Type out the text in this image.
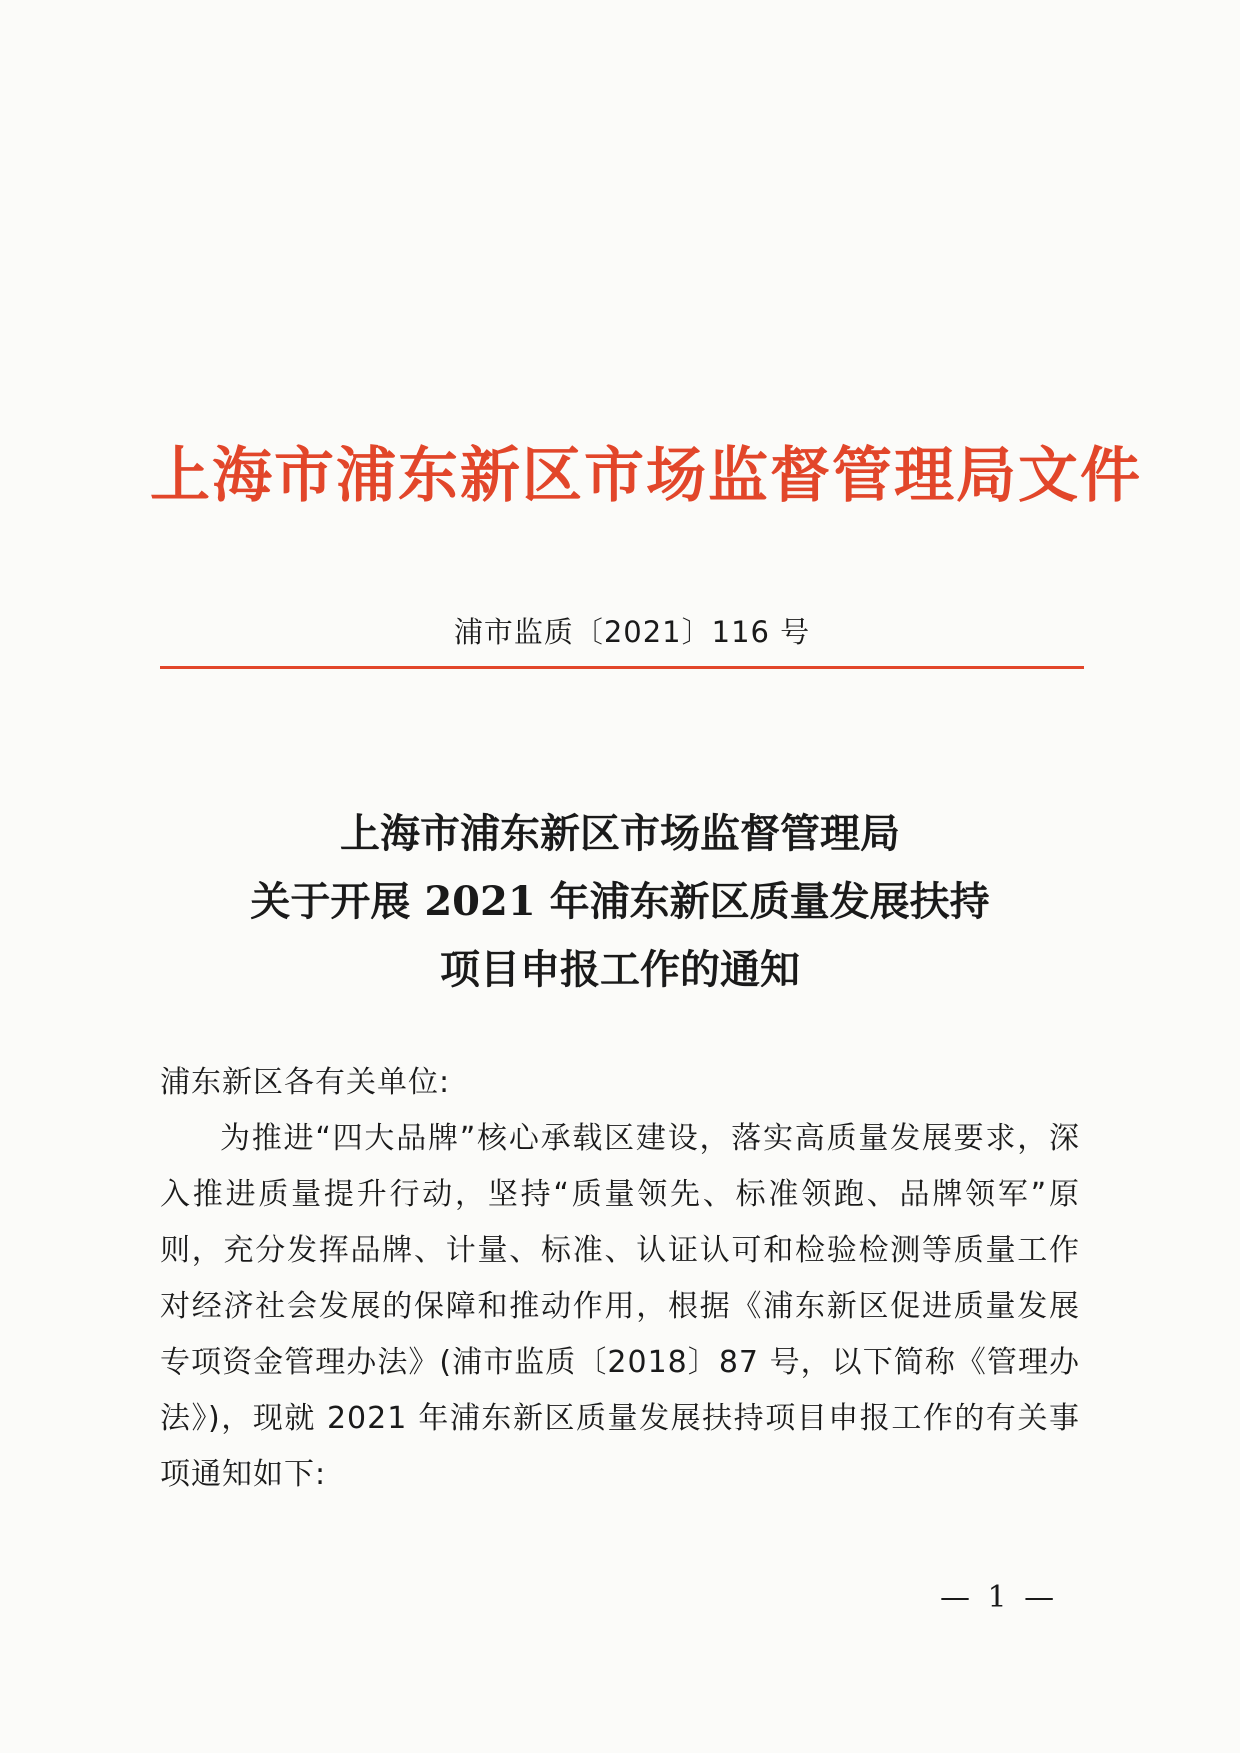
上海市浦东新区市场监督管理局文件
浦市监质〔2021〕116 号
上海市浦东新区市场监督管理局
关于开展 2021 年浦东新区质量发展扶持
项目申报工作的通知

浦东新区各有关单位:

为推进“四大品牌”核心承载区建设，落实高质量发展要求，深入推进质量提升行动，坚持“质量领先、标准领跑、品牌领军”原则，充分发挥品牌、计量、标准、认证认可和检验检测等质量工作对经济社会发展的保障和推动作用，根据《浦东新区促进质量发展专项资金管理办法》(浦市监质〔2018〕87 号，以下简称《管理办法》)，现就 2021 年浦东新区质量发展扶持项目申报工作的有关事项通知如下:

— 1 —
